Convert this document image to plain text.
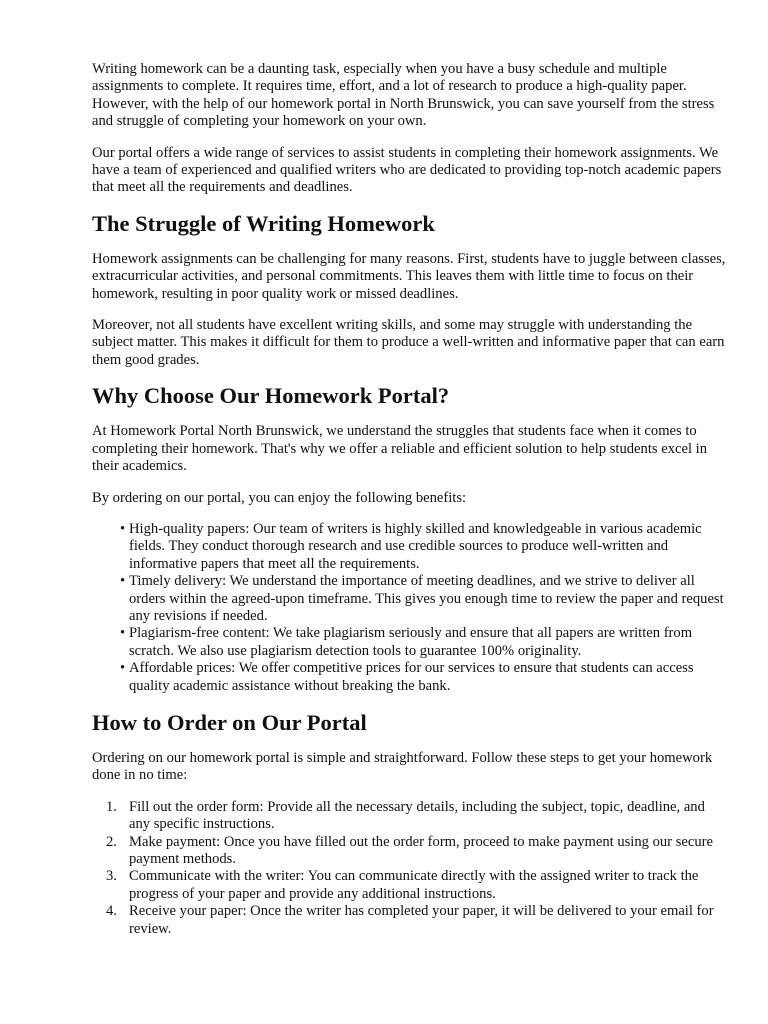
Writing homework can be a daunting task, especially when you have a busy schedule and multiple assignments to complete. It requires time, effort, and a lot of research to produce a high-quality paper. However, with the help of our homework portal in North Brunswick, you can save yourself from the stress and struggle of completing your homework on your own.

Our portal offers a wide range of services to assist students in completing their homework assignments. We have a team of experienced and qualified writers who are dedicated to providing top-notch academic papers that meet all the requirements and deadlines.

The Struggle of Writing Homework

Homework assignments can be challenging for many reasons. First, students have to juggle between classes, extracurricular activities, and personal commitments. This leaves them with little time to focus on their homework, resulting in poor quality work or missed deadlines.

Moreover, not all students have excellent writing skills, and some may struggle with understanding the subject matter. This makes it difficult for them to produce a well-written and informative paper that can earn them good grades.

Why Choose Our Homework Portal?

At Homework Portal North Brunswick, we understand the struggles that students face when it comes to completing their homework. That's why we offer a reliable and efficient solution to help students excel in their academics.

By ordering on our portal, you can enjoy the following benefits:

• High-quality papers: Our team of writers is highly skilled and knowledgeable in various academic fields. They conduct thorough research and use credible sources to produce well-written and informative papers that meet all the requirements.
• Timely delivery: We understand the importance of meeting deadlines, and we strive to deliver all orders within the agreed-upon timeframe. This gives you enough time to review the paper and request any revisions if needed.
• Plagiarism-free content: We take plagiarism seriously and ensure that all papers are written from scratch. We also use plagiarism detection tools to guarantee 100% originality.
• Affordable prices: We offer competitive prices for our services to ensure that students can access quality academic assistance without breaking the bank.
How to Order on Our Portal

Ordering on our homework portal is simple and straightforward. Follow these steps to get your homework done in no time:

1. Fill out the order form: Provide all the necessary details, including the subject, topic, deadline, and any specific instructions.
2. Make payment: Once you have filled out the order form, proceed to make payment using our secure payment methods.
3. Communicate with the writer: You can communicate directly with the assigned writer to track the progress of your paper and provide any additional instructions.
4. Receive your paper: Once the writer has completed your paper, it will be delivered to your email for review.
